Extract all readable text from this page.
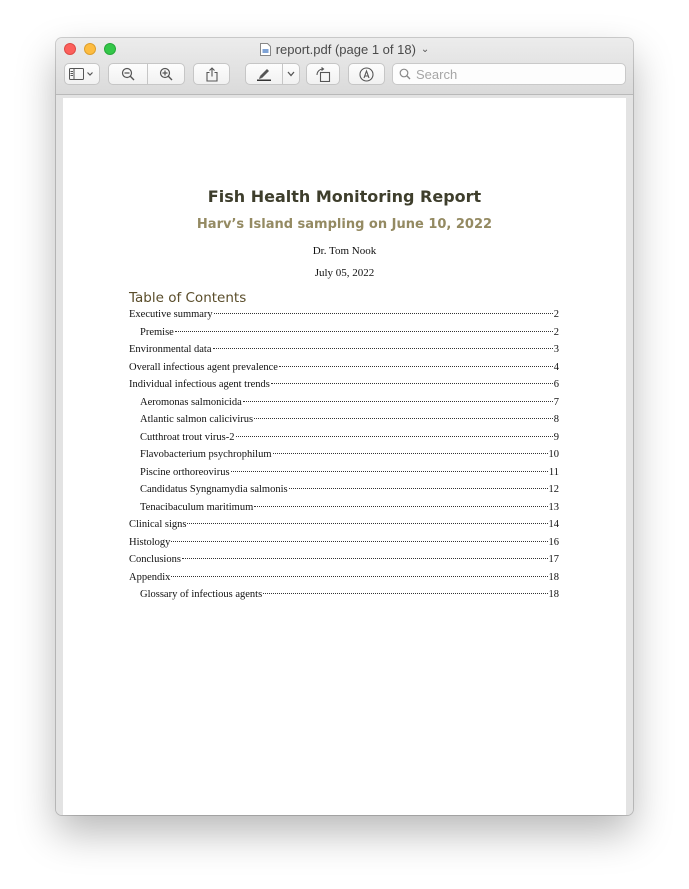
report.pdf (page 1 of 18) ⌄
Search
Fish Health Monitoring Report
Harv’s Island sampling on June 10, 2022
Dr. Tom Nook
July 05, 2022
Table of Contents
Executive summary	2
Premise	2
Environmental data	3
Overall infectious agent prevalence	4
Individual infectious agent trends	6
Aeromonas salmonicida	7
Atlantic salmon calicivirus	8
Cutthroat trout virus-2	9
Flavobacterium psychrophilum	10
Piscine orthoreovirus	11
Candidatus Syngnamydia salmonis	12
Tenacibaculum maritimum	13
Clinical signs	14
Histology	16
Conclusions	17
Appendix	18
Glossary of infectious agents	18
